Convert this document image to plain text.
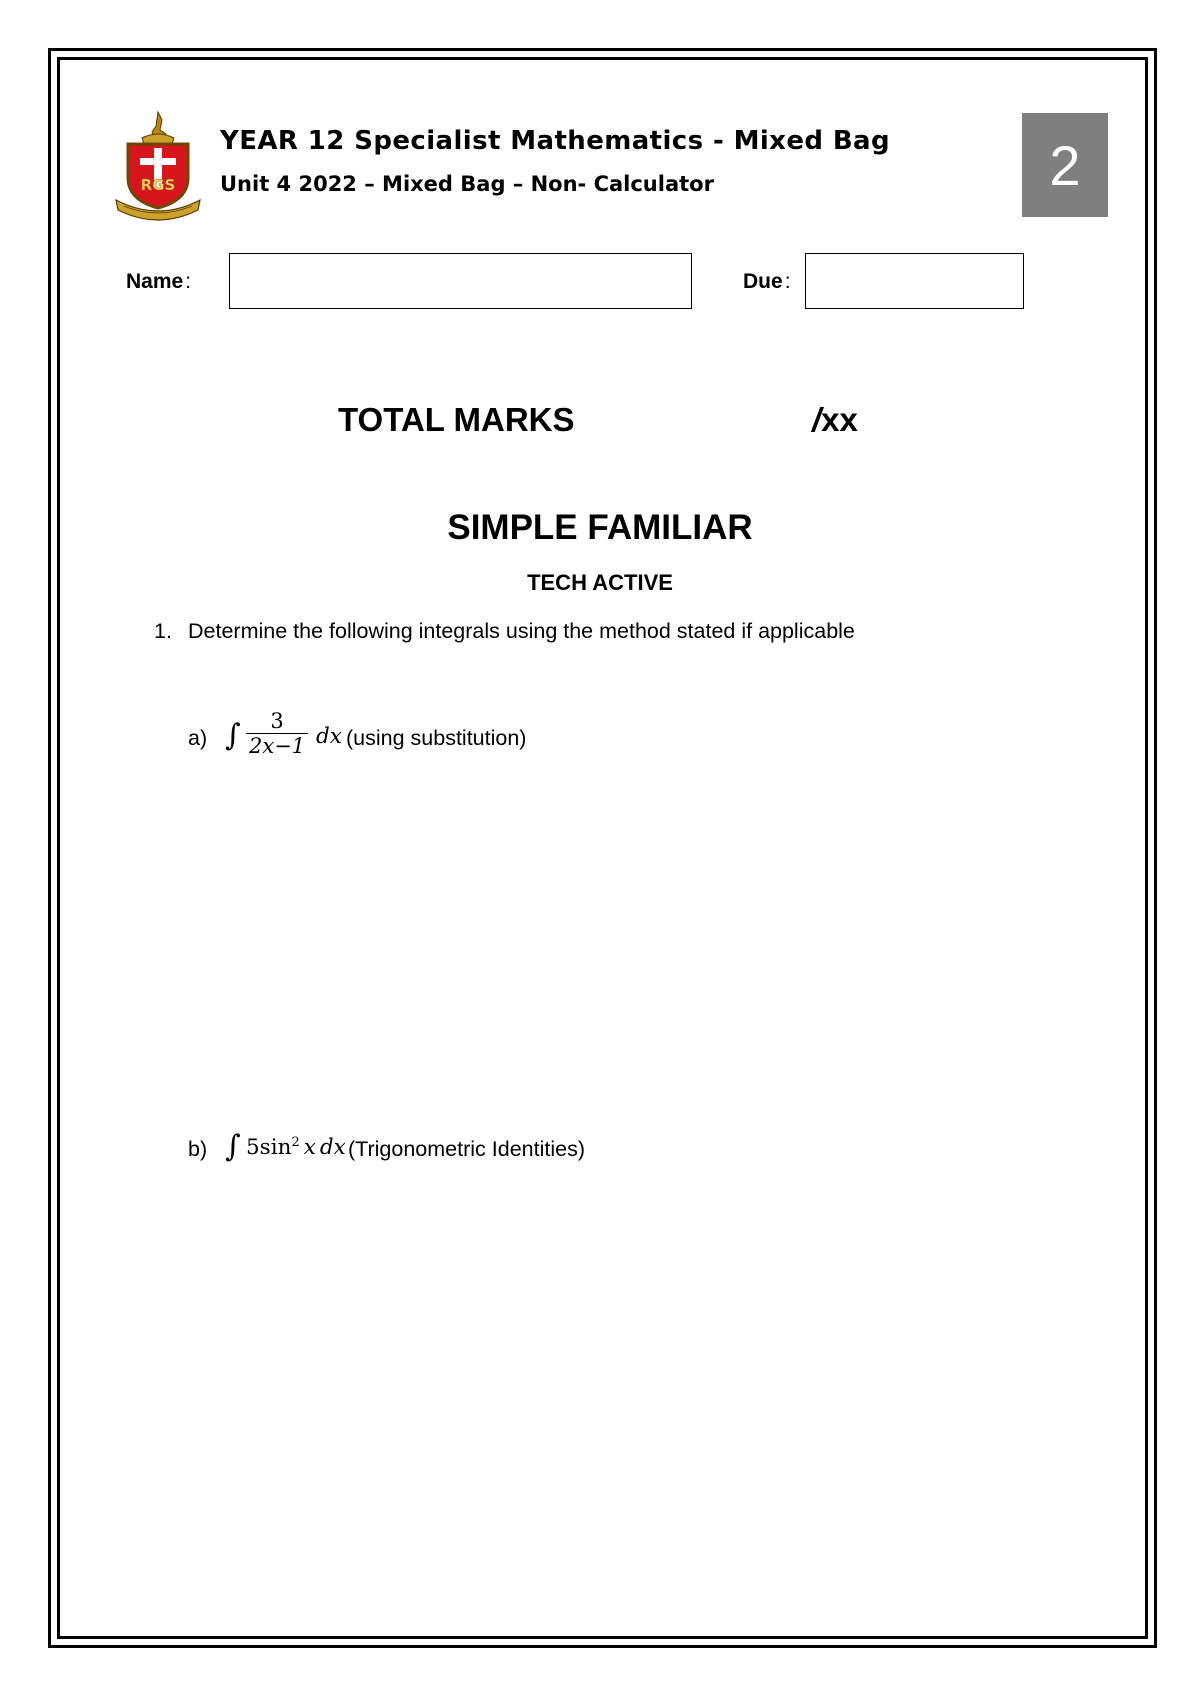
RGS
YEAR 12 Specialist Mathematics - Mixed Bag
Unit 4 2022 – Mixed Bag – Non- Calculator	2
Name:	Due:
TOTAL MARKS	/xx
SIMPLE FAMILIAR
TECH ACTIVE
1. Determine the following integrals using the method stated if applicable
a) ∫ $\frac{3}{2x-1}$ dx (using substitution)
b) ∫ $5\sin^2$ x dx (Trigonometric Identities)
